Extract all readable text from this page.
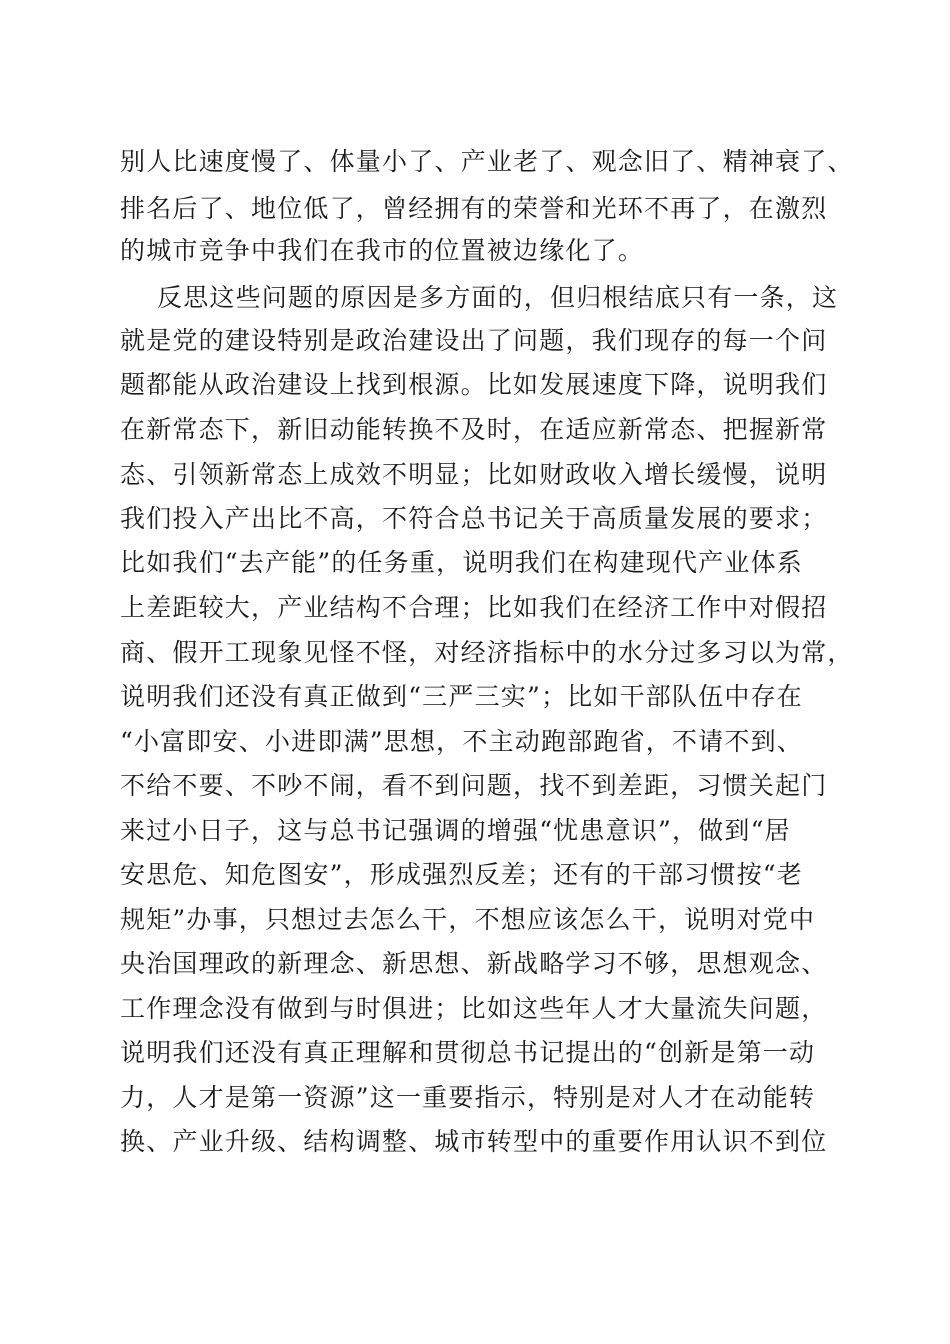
别人比速度慢了、体量小了、产业老了、观念旧了、精神衰了、
排名后了、地位低了，曾经拥有的荣誉和光环不再了，在激烈
的城市竞争中我们在我市的位置被边缘化了。
反思这些问题的原因是多方面的，但归根结底只有一条，这
就是党的建设特别是政治建设出了问题，我们现存的每一个问
题都能从政治建设上找到根源。比如发展速度下降，说明我们
在新常态下，新旧动能转换不及时，在适应新常态、把握新常
态、引领新常态上成效不明显；比如财政收入增长缓慢，说明
我们投入产出比不高，不符合总书记关于高质量发展的要求；
比如我们“去产能”的任务重，说明我们在构建现代产业体系
上差距较大，产业结构不合理；比如我们在经济工作中对假招
商、假开工现象见怪不怪，对经济指标中的水分过多习以为常，
说明我们还没有真正做到“三严三实”；比如干部队伍中存在
“小富即安、小进即满”思想，不主动跑部跑省，不请不到、
不给不要、不吵不闹，看不到问题，找不到差距，习惯关起门
来过小日子，这与总书记强调的增强“忧患意识”，做到“居
安思危、知危图安”，形成强烈反差；还有的干部习惯按“老
规矩”办事，只想过去怎么干，不想应该怎么干，说明对党中
央治国理政的新理念、新思想、新战略学习不够，思想观念、
工作理念没有做到与时俱进；比如这些年人才大量流失问题，
说明我们还没有真正理解和贯彻总书记提出的“创新是第一动
力，人才是第一资源”这一重要指示，特别是对人才在动能转
换、产业升级、结构调整、城市转型中的重要作用认识不到位
